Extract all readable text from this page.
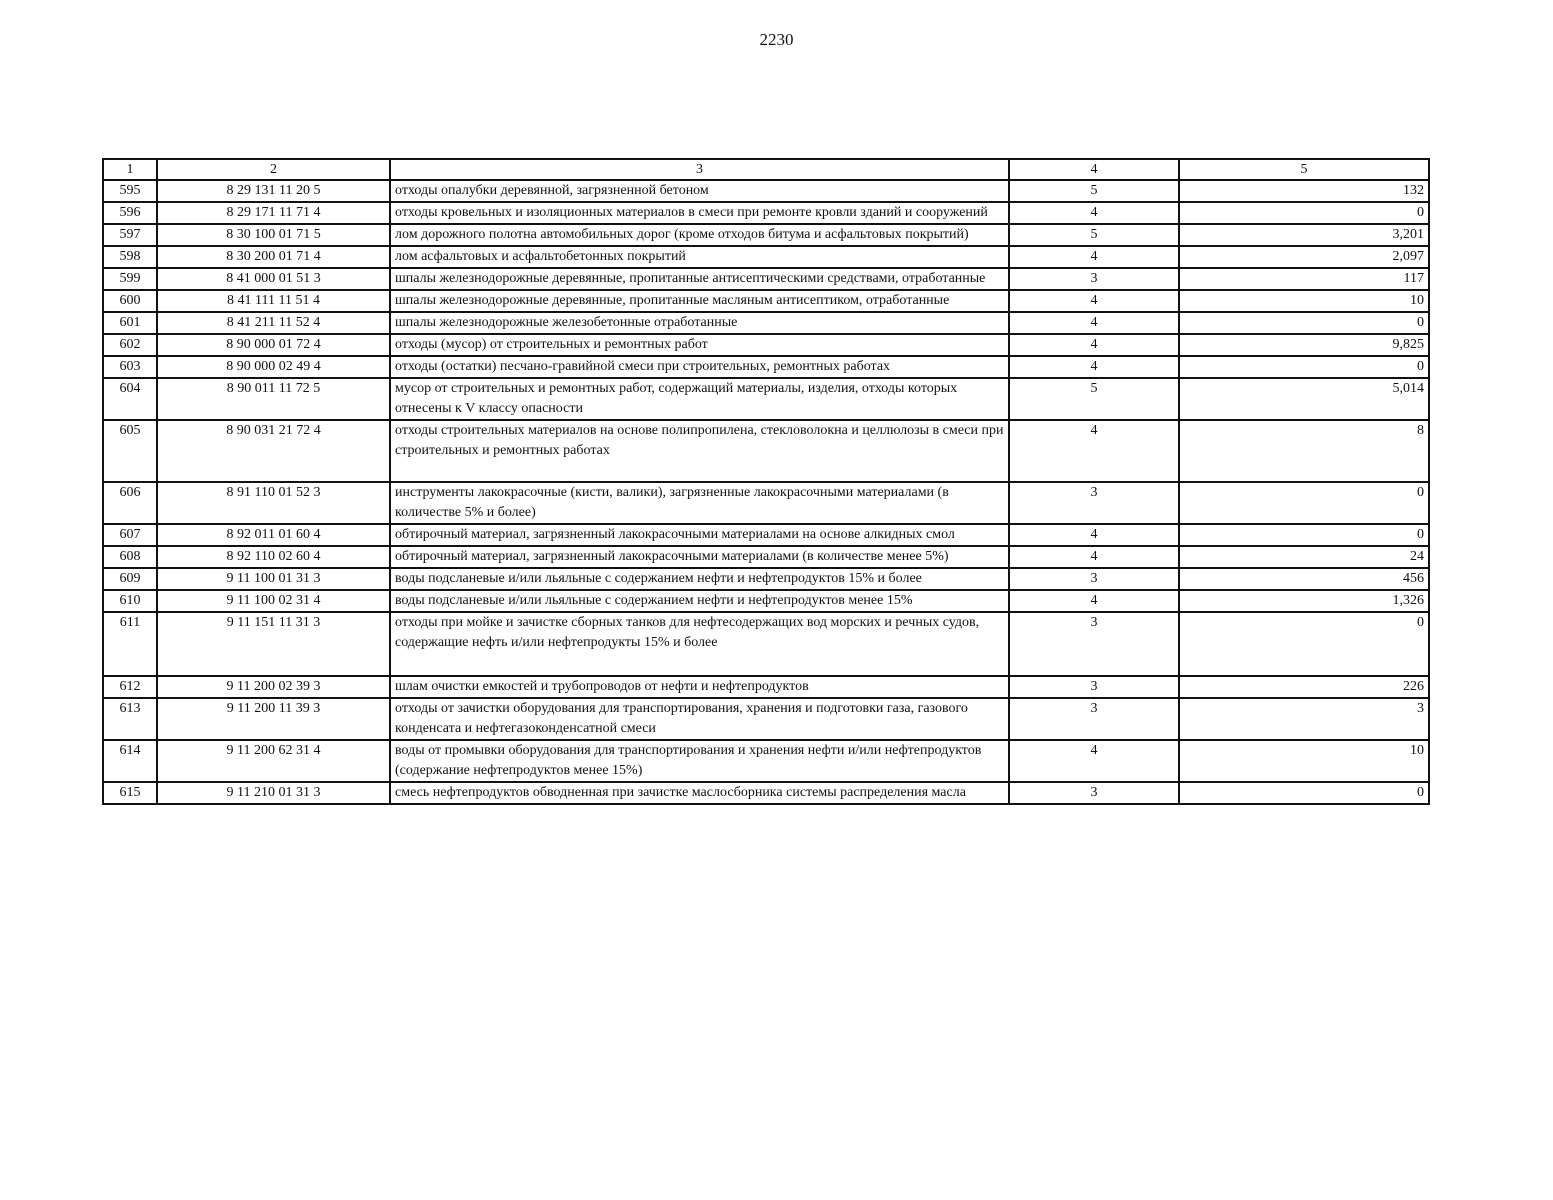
2230
1	2	3	4	5
595	8 29 131 11 20 5	отходы опалубки деревянной, загрязненной бетоном	5	132
596	8 29 171 11 71 4	отходы кровельных и изоляционных материалов в смеси при ремонте кровли зданий и сооружений	4	0
597	8 30 100 01 71 5	лом дорожного полотна автомобильных дорог (кроме отходов битума и асфальтовых покрытий)	5	3,201
598	8 30 200 01 71 4	лом асфальтовых и асфальтобетонных покрытий	4	2,097
599	8 41 000 01 51 3	шпалы железнодорожные деревянные, пропитанные антисептическими средствами, отработанные	3	117
600	8 41 111 11 51 4	шпалы железнодорожные деревянные, пропитанные масляным антисептиком, отработанные	4	10
601	8 41 211 11 52 4	шпалы железнодорожные железобетонные отработанные	4	0
602	8 90 000 01 72 4	отходы (мусор) от строительных и ремонтных работ	4	9,825
603	8 90 000 02 49 4	отходы (остатки) песчано-гравийной смеси при строительных, ремонтных работах	4	0
604	8 90 011 11 72 5	мусор от строительных и ремонтных работ, содержащий материалы, изделия, отходы которых отнесены к V классу опасности	5	5,014
605	8 90 031 21 72 4	отходы строительных материалов на основе полипропилена, стекловолокна и целлюлозы в смеси при строительных и ремонтных работах	4	8
606	8 91 110 01 52 3	инструменты лакокрасочные (кисти, валики), загрязненные лакокрасочными материалами (в количестве 5% и более)	3	0
607	8 92 011 01 60 4	обтирочный материал, загрязненный лакокрасочными материалами на основе алкидных смол	4	0
608	8 92 110 02 60 4	обтирочный материал, загрязненный лакокрасочными материалами (в количестве менее 5%)	4	24
609	9 11 100 01 31 3	воды подсланевые и/или льяльные с содержанием нефти и нефтепродуктов 15% и более	3	456
610	9 11 100 02 31 4	воды подсланевые и/или льяльные с содержанием нефти и нефтепродуктов менее 15%	4	1,326
611	9 11 151 11 31 3	отходы при мойке и зачистке сборных танков для нефтесодержащих вод морских и речных судов, содержащие нефть и/или нефтепродукты 15% и более	3	0
612	9 11 200 02 39 3	шлам очистки емкостей и трубопроводов от нефти и нефтепродуктов	3	226
613	9 11 200 11 39 3	отходы от зачистки оборудования для транспортирования, хранения и подготовки газа, газового конденсата и нефтегазоконденсатной смеси	3	3
614	9 11 200 62 31 4	воды от промывки оборудования для транспортирования и хранения нефти и/или нефтепродуктов (содержание нефтепродуктов менее 15%)	4	10
615	9 11 210 01 31 3	смесь нефтепродуктов обводненная при зачистке маслосборника системы распределения масла	3	0
